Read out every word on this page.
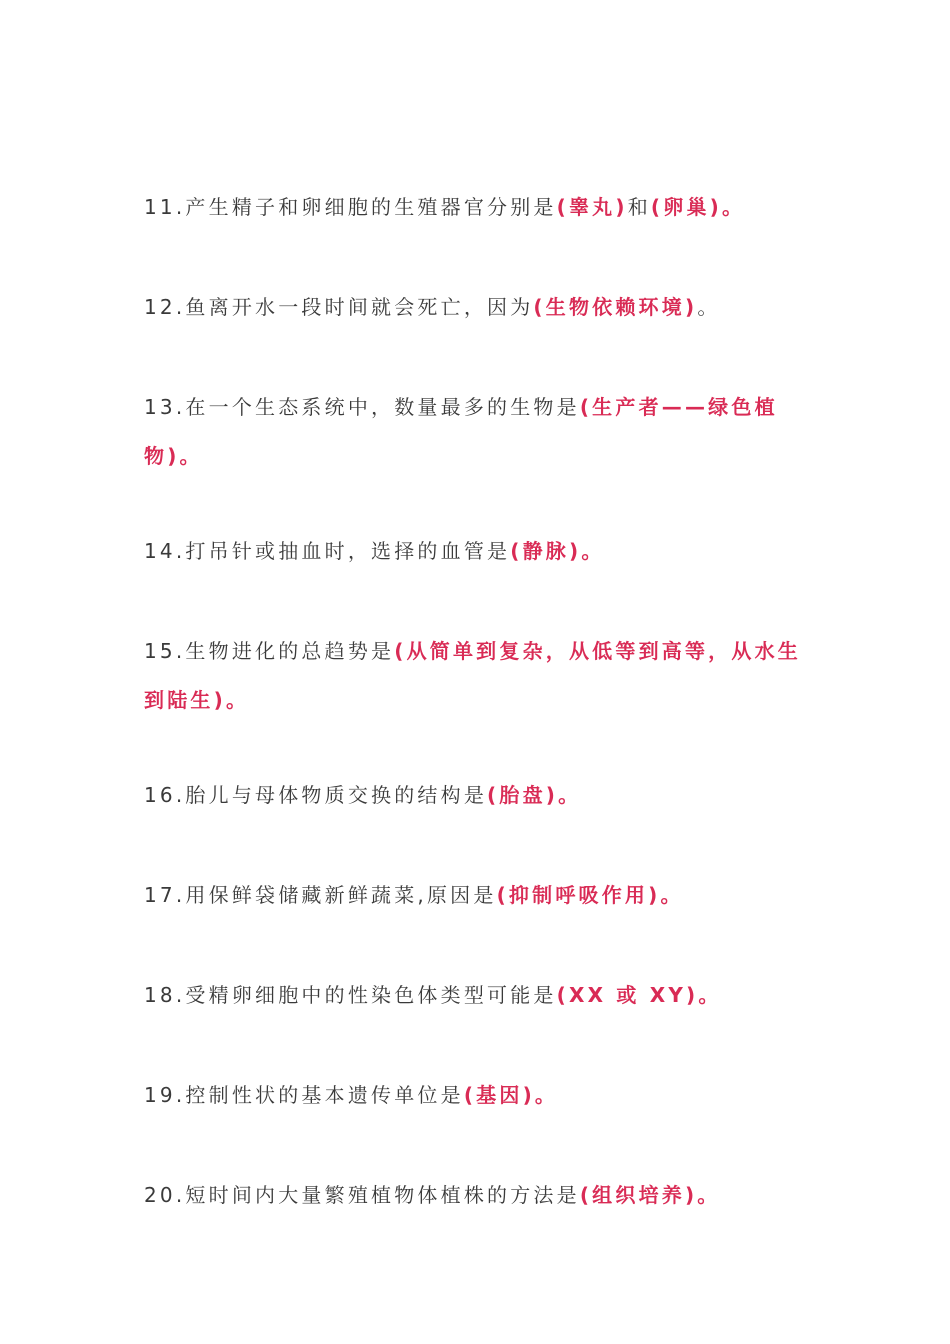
11.产生精子和卵细胞的生殖器官分别是(睾丸)和(卵巢)。
12.鱼离开水一段时间就会死亡，因为(生物依赖环境)。
13.在一个生态系统中，数量最多的生物是(生产者——绿色植物)。
14.打吊针或抽血时，选择的血管是(静脉)。
15.生物进化的总趋势是(从简单到复杂，从低等到高等，从水生到陆生)。
16.胎儿与母体物质交换的结构是(胎盘)。
17.用保鲜袋储藏新鲜蔬菜,原因是(抑制呼吸作用)。
18.受精卵细胞中的性染色体类型可能是(XX 或 XY)。
19.控制性状的基本遗传单位是(基因)。
20.短时间内大量繁殖植物体植株的方法是(组织培养)。
